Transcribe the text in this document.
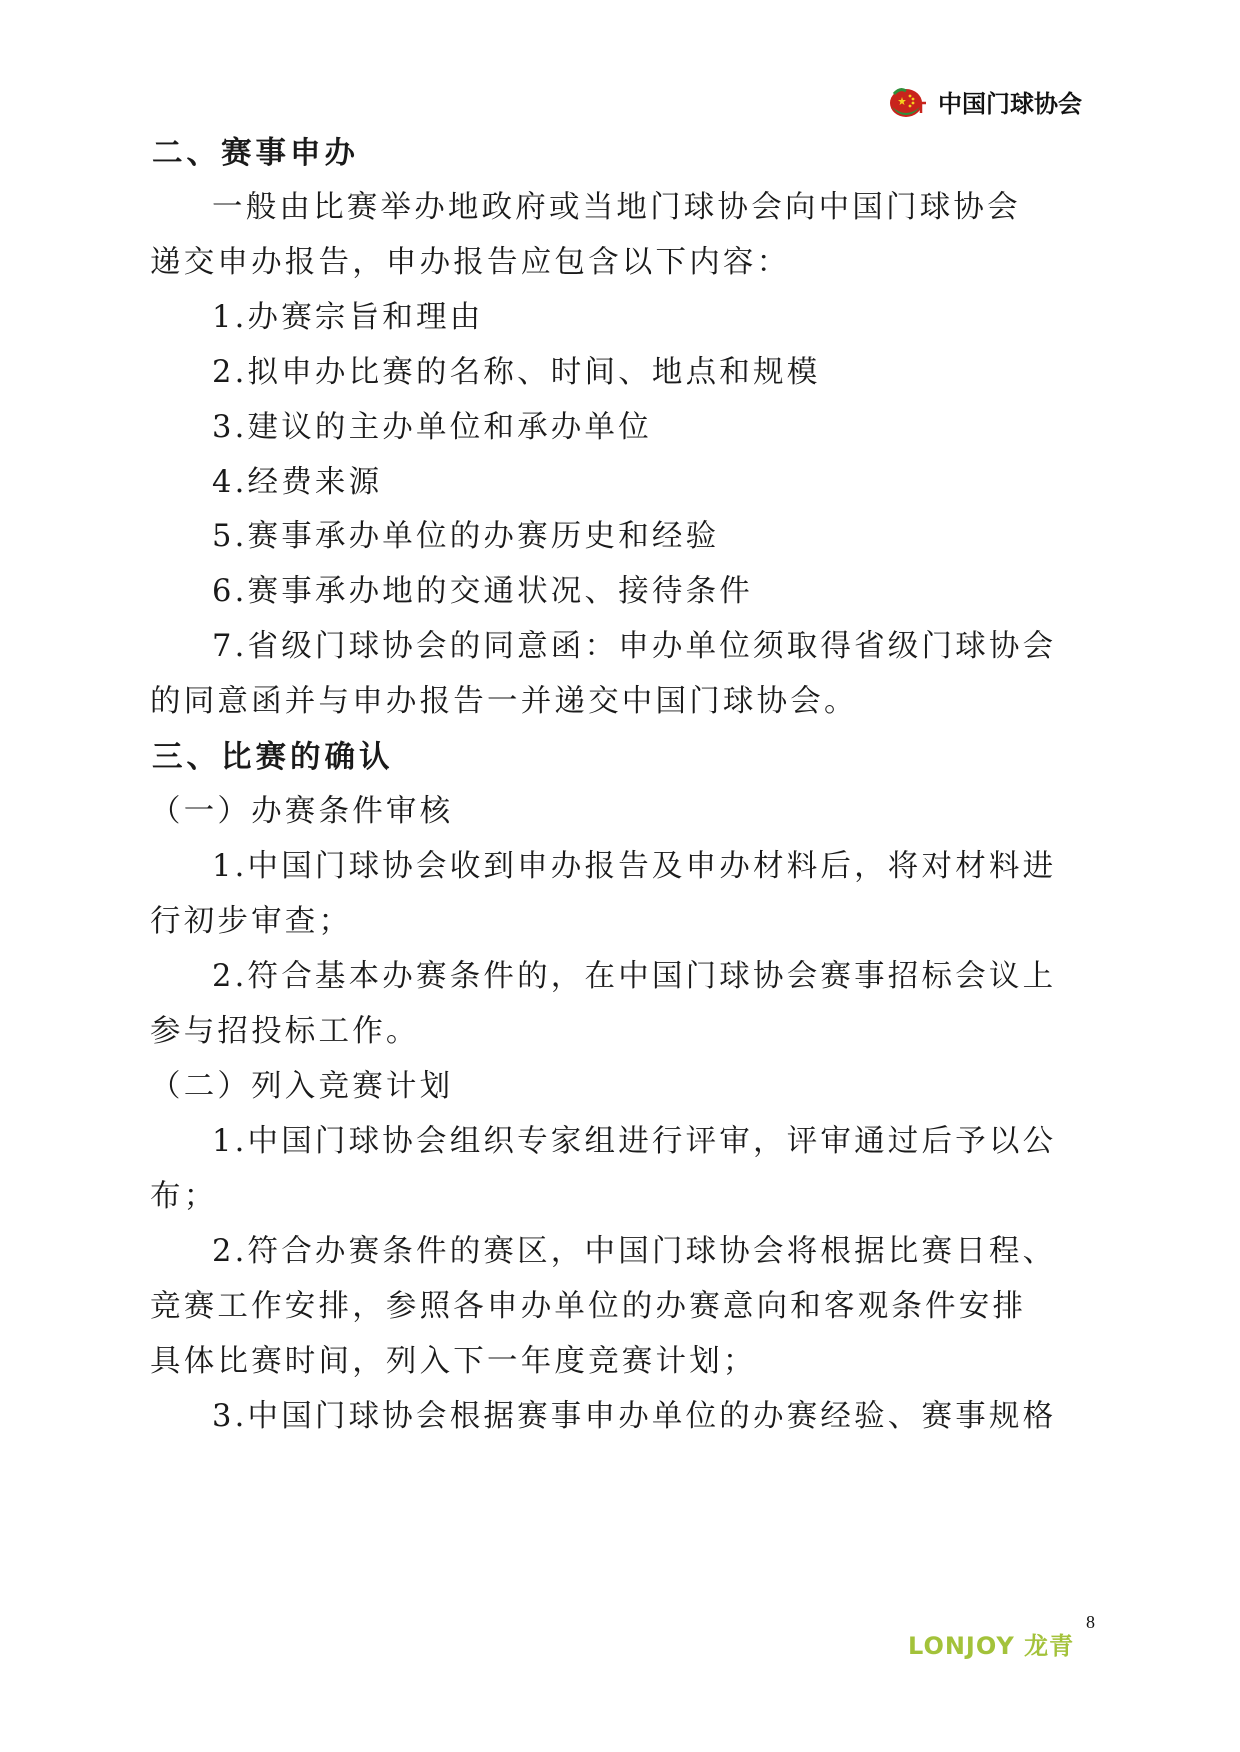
中国门球协会
二、赛事申办
一般由比赛举办地政府或当地门球协会向中国门球协会
递交申办报告，申办报告应包含以下内容：
1.办赛宗旨和理由
2.拟申办比赛的名称、时间、地点和规模
3.建议的主办单位和承办单位
4.经费来源
5.赛事承办单位的办赛历史和经验
6.赛事承办地的交通状况、接待条件
7.省级门球协会的同意函：申办单位须取得省级门球协会
的同意函并与申办报告一并递交中国门球协会。
三、比赛的确认
（一）办赛条件审核
1.中国门球协会收到申办报告及申办材料后，将对材料进
行初步审查；
2.符合基本办赛条件的，在中国门球协会赛事招标会议上
参与招投标工作。
（二）列入竞赛计划
1.中国门球协会组织专家组进行评审，评审通过后予以公
布；
2.符合办赛条件的赛区，中国门球协会将根据比赛日程、
竞赛工作安排，参照各申办单位的办赛意向和客观条件安排
具体比赛时间，列入下一年度竞赛计划；
3.中国门球协会根据赛事申办单位的办赛经验、赛事规格
LONJOY 龙青
8
